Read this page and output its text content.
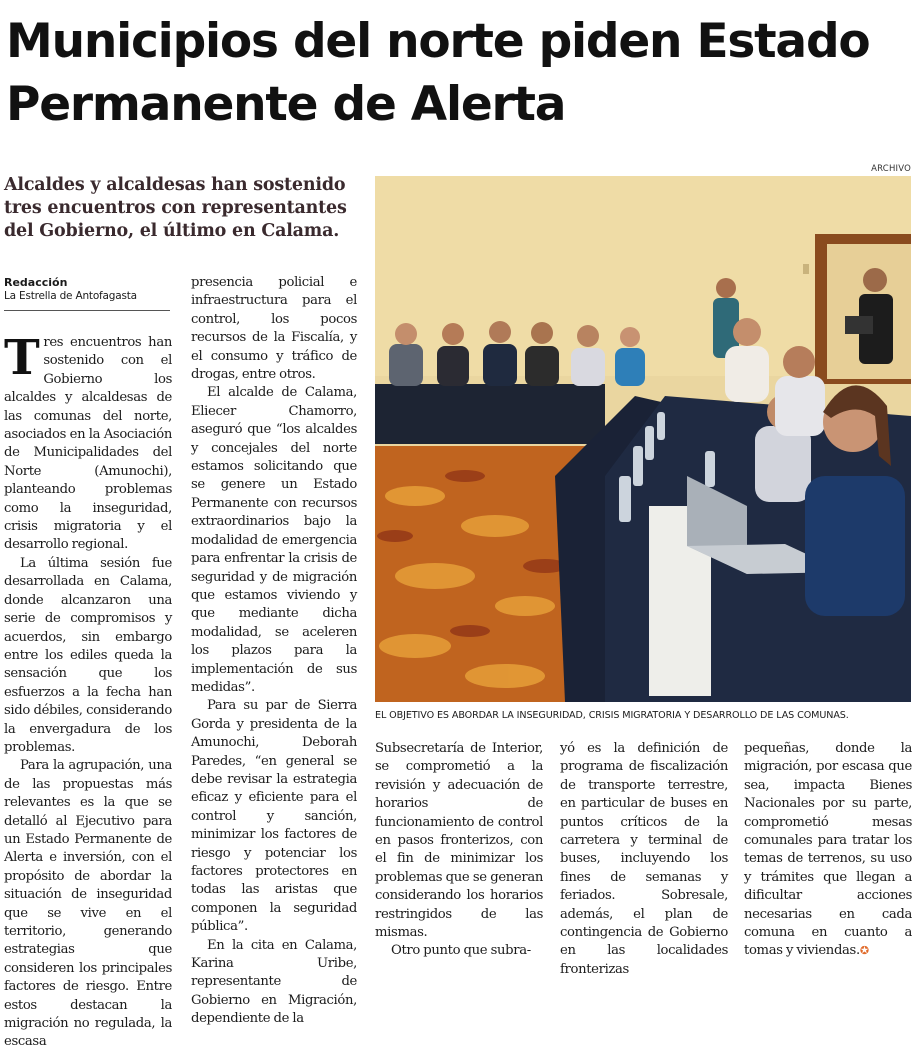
Municipios del norte piden Estado Permanente de Alerta
Alcaldes y alcaldesas han sostenido tres encuentros con representantes del Gobierno, el último en Calama.
Redacción
La Estrella de Antofagasta

Tres encuentros han sostenido con el Gobierno los alcaldes y alcaldesas de las comunas del norte, asociados en la Asociación de Municipalidades del Norte (Amunochi), planteando problemas como la inseguridad, crisis migratoria y el desarrollo regional.

La última sesión fue desarrollada en Calama, donde alcanzaron una serie de compromisos y acuerdos, sin embargo entre los ediles queda la sensación que los esfuerzos a la fecha han sido débiles, considerando la envergadura de los problemas.

Para la agrupación, una de las propuestas más relevantes es la que se detalló al Ejecutivo para un Estado Permanente de Alerta e inversión, con el propósito de abordar la situación de inseguridad que se vive en el territorio, generando estrategias que consideren los principales factores de riesgo. Entre estos destacan la migración no regulada, la escasa

presencia policial e infraestructura para el control, los pocos recursos de la Fiscalía, y el consumo y tráfico de drogas, entre otros.

El alcalde de Calama, Eliecer Chamorro, aseguró que “los alcaldes y concejales del norte estamos solicitando que se genere un Estado Permanente con recursos extraordinarios bajo la modalidad de emergencia para enfrentar la crisis de seguridad y de migración que estamos viviendo y que mediante dicha modalidad, se aceleren los plazos para la implementación de sus medidas”.

Para su par de Sierra Gorda y presidenta de la Amunochi, Deborah Paredes, “en general se debe revisar la estrategia eficaz y eficiente para el control y sanción, minimizar los factores de riesgo y potenciar los factores protectores en todas las aristas que componen la seguridad pública”.

En la cita en Calama, Karina Uribe, representante de Gobierno en Migración, dependiente de la

ARCHIVO
EL OBJETIVO ES ABORDAR LA INSEGURIDAD, CRISIS MIGRATORIA Y DESARROLLO DE LAS COMUNAS.

Subsecretaría de Interior, se comprometió a la revisión y adecuación de horarios de funcionamiento de control en pasos fronterizos, con el fin de minimizar los problemas que se generan considerando los horarios restringidos de las mismas.

Otro punto que subra-

yó es la definición de programa de fiscalización de transporte terrestre, en particular de buses en puntos críticos de la carretera y terminal de buses, incluyendo los fines de semanas y feriados. Sobresale, además, el plan de contingencia de Gobierno en las localidades fronterizas

pequeñas, donde la migración, por escasa que sea, impacta Bienes Nacionales por su parte, comprometió mesas comunales para tratar los temas de terrenos, su uso y trámites que llegan a dificultar acciones necesarias en cada comuna en cuanto a tomas y viviendas.✪
